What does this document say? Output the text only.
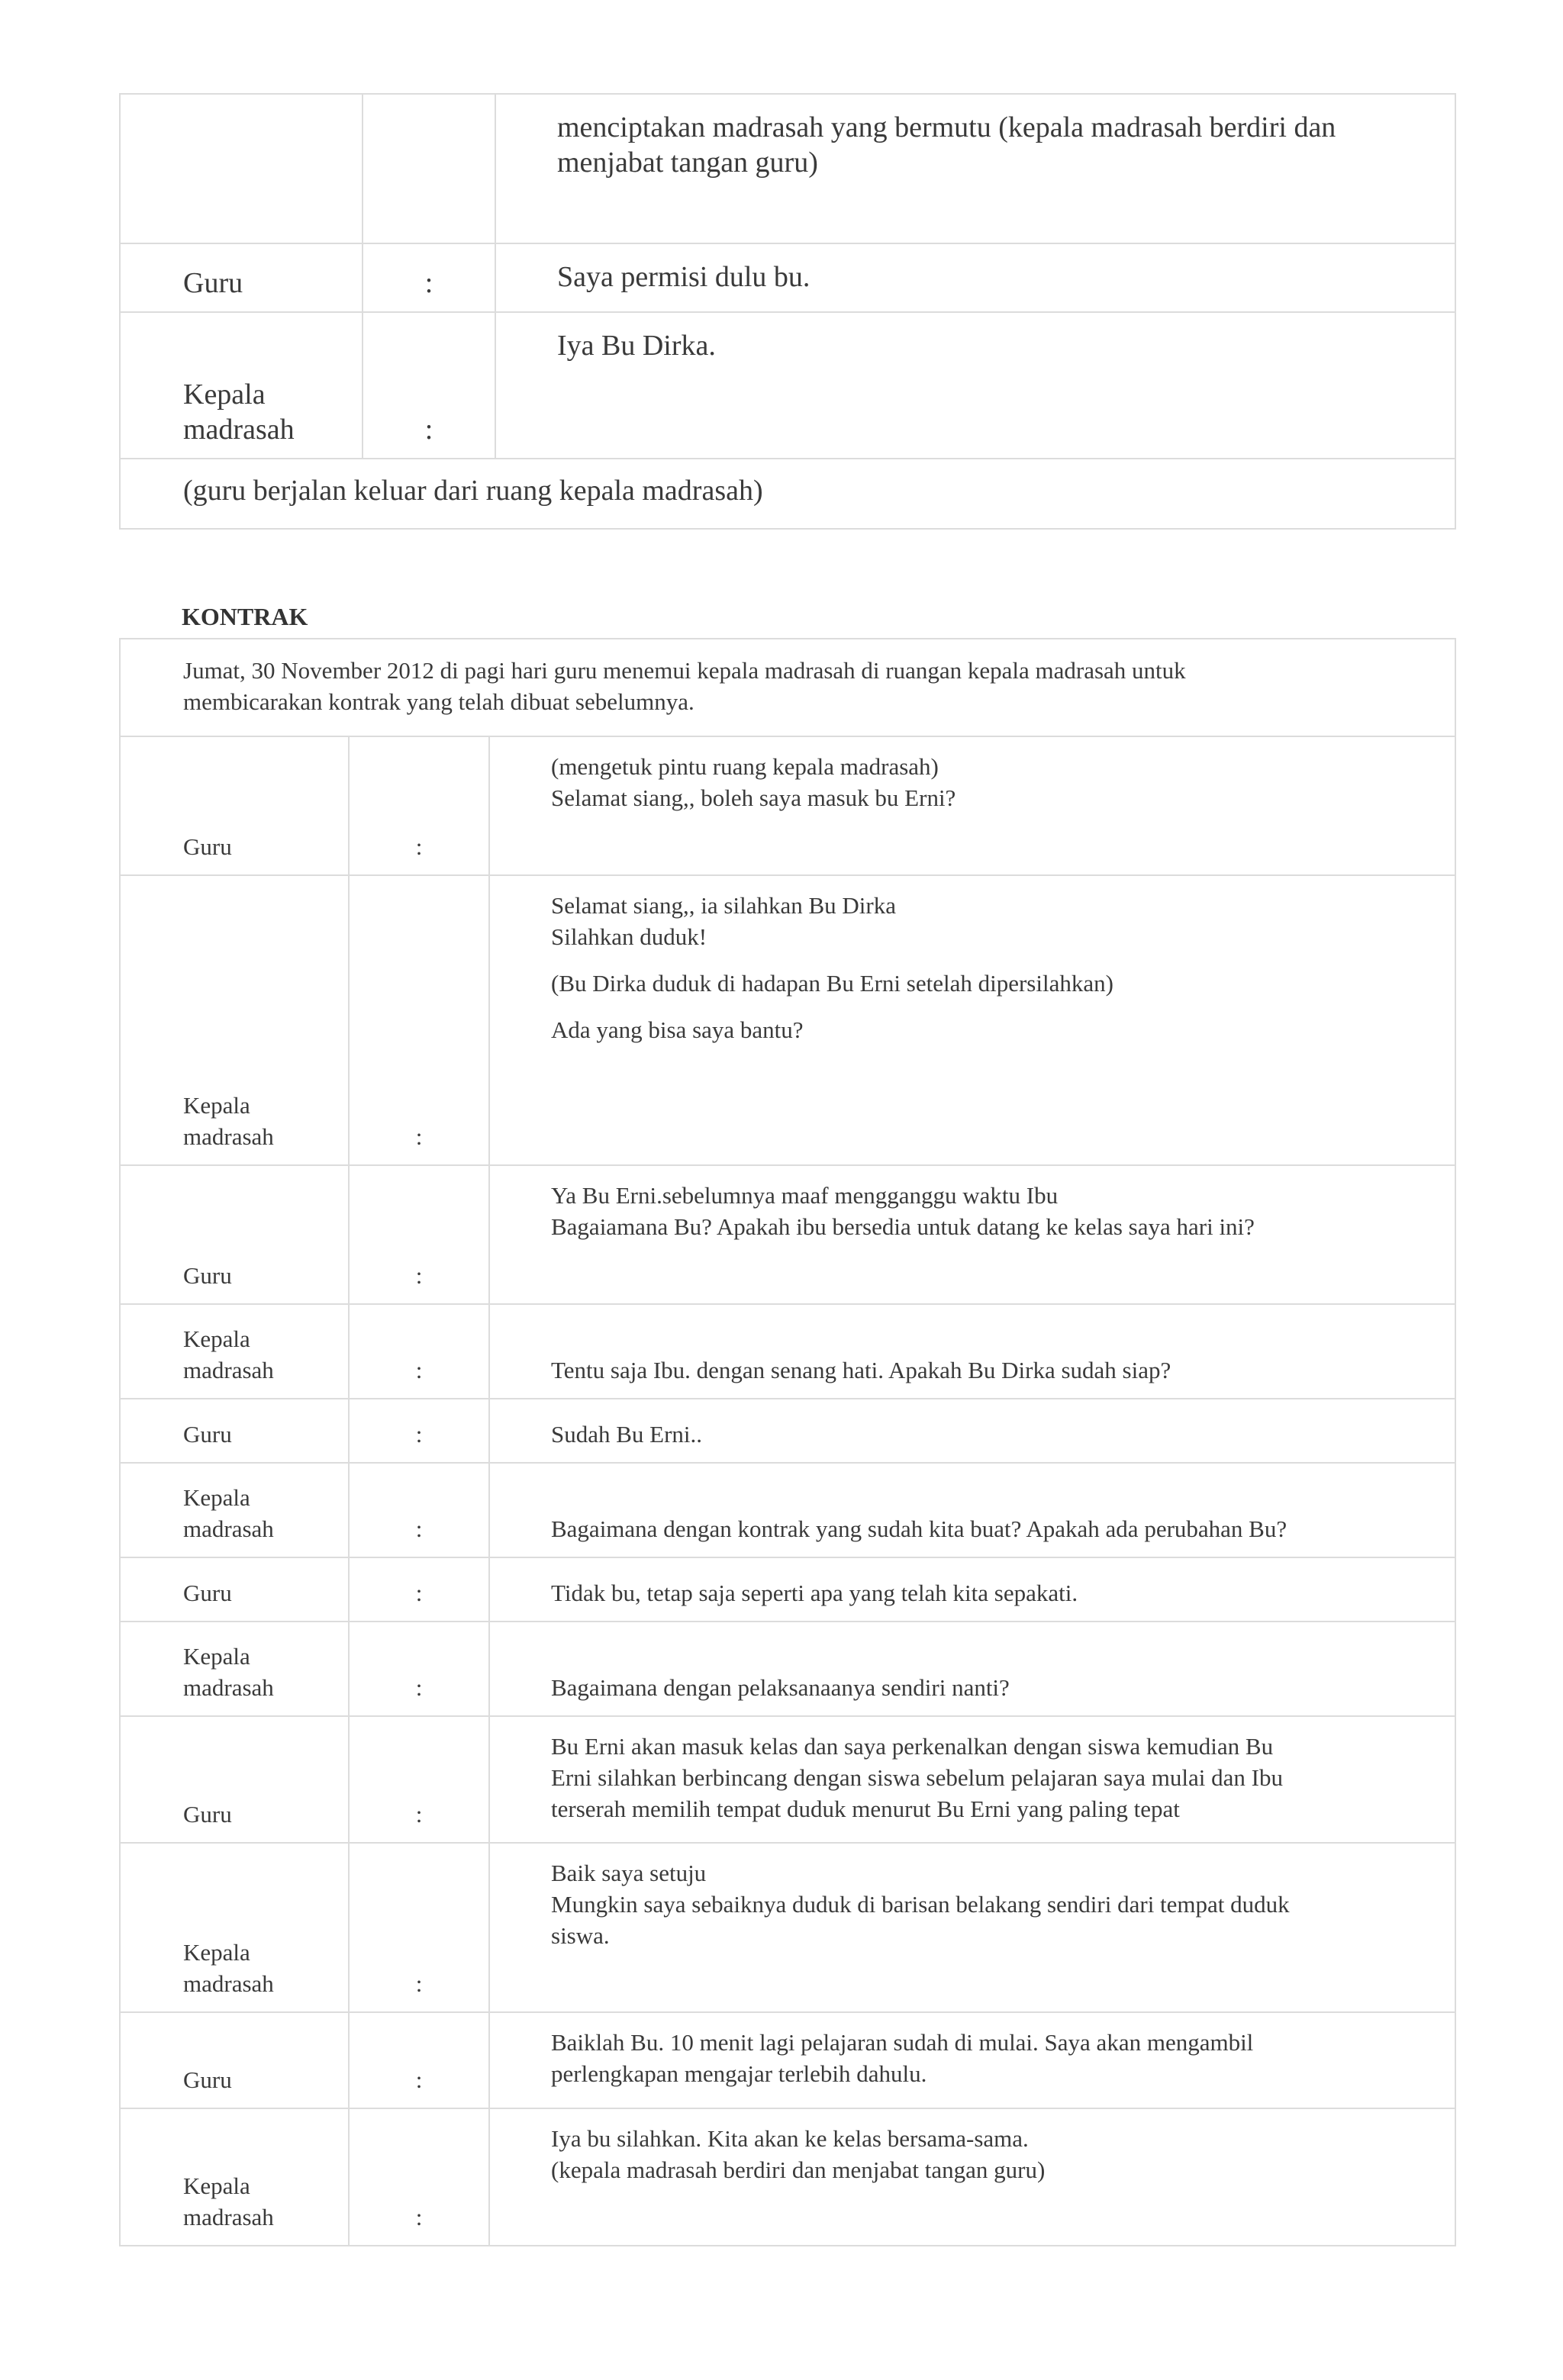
		menciptakan madrasah yang bermutu (kepala madrasah berdiri dan
menjabat tangan guru)

Guru	:	Saya permisi dulu bu.

Kepala
madrasah	:	Iya Bu Dirka.

(guru berjalan keluar dari ruang kepala madrasah)		
KONTRAK
Jumat, 30 November 2012 di pagi hari guru menemui kepala madrasah di ruangan kepala madrasah untuk
membicarakan kontrak yang telah dibuat sebelumnya.		

Guru	:	(mengetuk pintu ruang kepala madrasah)
Selamat siang,, boleh saya masuk bu Erni?

Kepala
madrasah	:	Selamat siang,, ia silahkan Bu Dirka
Silahkan duduk!
(Bu Dirka duduk di hadapan Bu Erni setelah dipersilahkan)
Ada yang bisa saya bantu?

Guru	:	Ya Bu Erni.sebelumnya maaf mengganggu waktu Ibu
Bagaiamana Bu? Apakah ibu bersedia untuk datang ke kelas saya hari ini?

Kepala
madrasah	:	Tentu saja Ibu. dengan senang hati. Apakah Bu Dirka sudah siap?

Guru	:	Sudah Bu Erni..

Kepala
madrasah	:	Bagaimana dengan kontrak yang sudah kita buat? Apakah ada perubahan Bu?

Guru	:	Tidak bu, tetap saja seperti apa yang telah kita sepakati.

Kepala
madrasah	:	Bagaimana dengan pelaksanaanya sendiri nanti?

Guru	:	Bu Erni akan masuk kelas dan saya perkenalkan dengan siswa kemudian Bu
Erni silahkan berbincang dengan siswa sebelum pelajaran saya mulai dan Ibu
terserah memilih tempat duduk menurut Bu Erni yang paling tepat

Kepala
madrasah	:	Baik saya setuju
Mungkin saya sebaiknya duduk di barisan belakang sendiri dari tempat duduk
siswa.

Guru	:	Baiklah Bu. 10 menit lagi pelajaran sudah di mulai. Saya akan mengambil
perlengkapan mengajar terlebih dahulu.

Kepala
madrasah	:	Iya bu silahkan. Kita akan ke kelas bersama-sama.
(kepala madrasah berdiri dan menjabat tangan guru)
